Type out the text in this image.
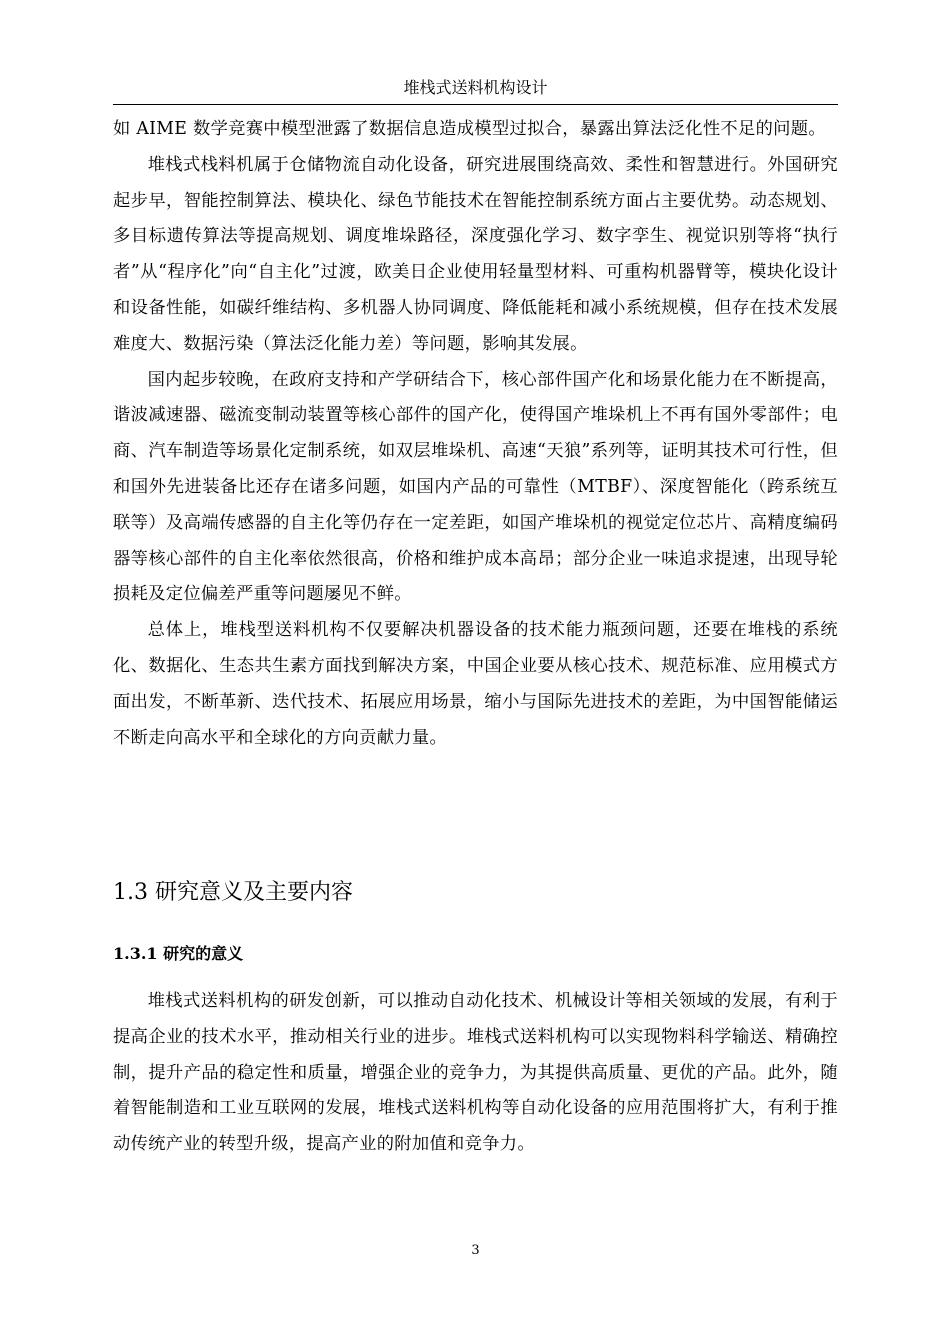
堆栈式送料机构设计

如 AIME 数学竞赛中模型泄露了数据信息造成模型过拟合，暴露出算法泛化性不足的问题。

堆栈式栈料机属于仓储物流自动化设备，研究进展围绕高效、柔性和智慧进行。外国研究起步早，智能控制算法、模块化、绿色节能技术在智能控制系统方面占主要优势。动态规划、多目标遗传算法等提高规划、调度堆垛路径，深度强化学习、数字孪生、视觉识别等将“执行者”从“程序化”向“自主化”过渡，欧美日企业使用轻量型材料、可重构机器臂等，模块化设计和设备性能，如碳纤维结构、多机器人协同调度、降低能耗和减小系统规模，但存在技术发展难度大、数据污染（算法泛化能力差）等问题，影响其发展。

国内起步较晚，在政府支持和产学研结合下，核心部件国产化和场景化能力在不断提高，谐波减速器、磁流变制动装置等核心部件的国产化，使得国产堆垛机上不再有国外零部件；电商、汽车制造等场景化定制系统，如双层堆垛机、高速“天狼”系列等，证明其技术可行性，但和国外先进装备比还存在诸多问题，如国内产品的可靠性（MTBF）、深度智能化（跨系统互联等）及高端传感器的自主化等仍存在一定差距，如国产堆垛机的视觉定位芯片、高精度编码器等核心部件的自主化率依然很高，价格和维护成本高昂；部分企业一味追求提速，出现导轮损耗及定位偏差严重等问题屡见不鲜。

总体上，堆栈型送料机构不仅要解决机器设备的技术能力瓶颈问题，还要在堆栈的系统化、数据化、生态共生素方面找到解决方案，中国企业要从核心技术、规范标准、应用模式方面出发，不断革新、迭代技术、拓展应用场景，缩小与国际先进技术的差距，为中国智能储运不断走向高水平和全球化的方向贡献力量。

1.3 研究意义及主要内容
1.3.1 研究的意义

堆栈式送料机构的研发创新，可以推动自动化技术、机械设计等相关领域的发展，有利于提高企业的技术水平，推动相关行业的进步。堆栈式送料机构可以实现物料科学输送、精确控制，提升产品的稳定性和质量，增强企业的竞争力，为其提供高质量、更优的产品。此外，随着智能制造和工业互联网的发展，堆栈式送料机构等自动化设备的应用范围将扩大，有利于推动传统产业的转型升级，提高产业的附加值和竞争力。

3
